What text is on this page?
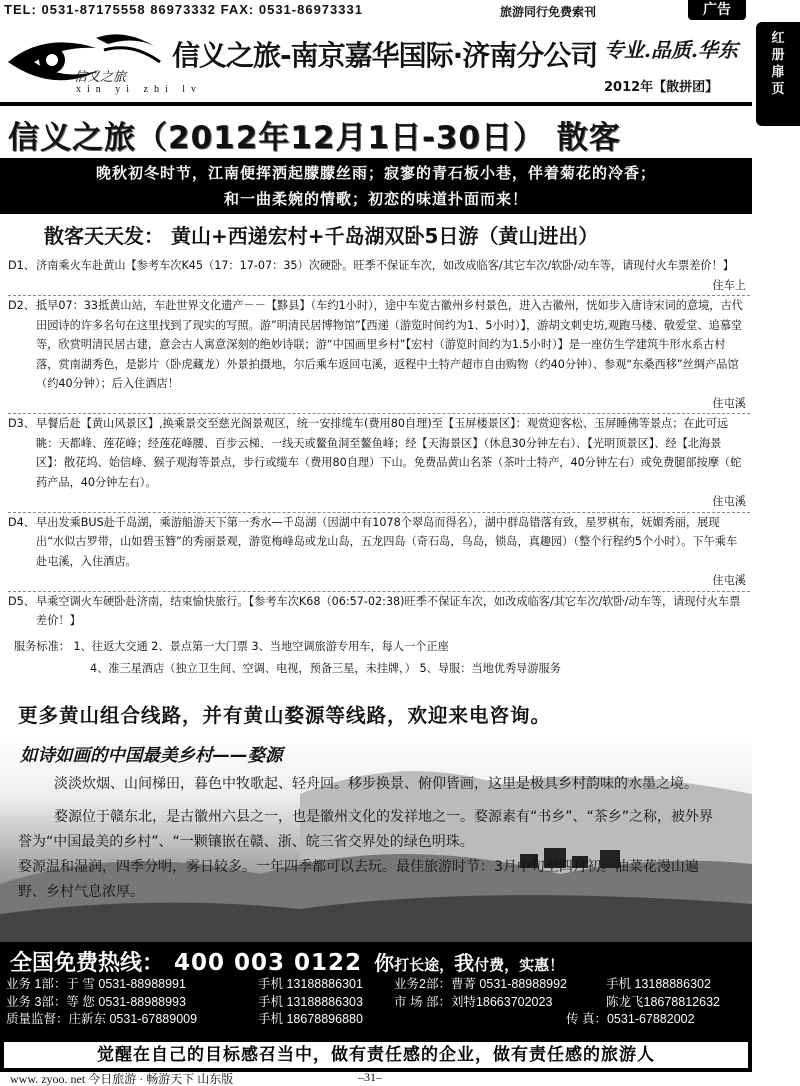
TEL: 0531-87175558 86973332 FAX: 0531-86973331	旅游同行免费索刊	广告
红
册
扉
页
信义之旅
xin yi zhi lv
信义之旅-南京嘉华国际·济南分公司 专业.品质.华东
2012年【散拼团】
信义之旅（2012年12月1日-30日） 散客
晚秋初冬时节，江南便挥洒起朦朦丝雨；寂寥的青石板小巷，伴着菊花的冷香；
和一曲柔婉的情歌；初恋的味道扑面而来！
散客天天发： 黄山+西递宏村+千岛湖双卧5日游（黄山进出）
D1、 济南乘火车赴黄山【参考车次K45（17：17-07：35）次硬卧。旺季不保证车次，如改成临客/其它车次/软卧/动车等，请现付火车票差价！】
住车上
D2、 抵早07：33抵黄山站，车赴世界文化遗产－－【黟县】（车约1小时），途中车览古徽州乡村景色，进入古徽州，恍如步入唐诗宋词的意境，古代田园诗的许多名句在这里找到了现实的写照。游”明清民居博物馆”【西递（游览时间约为1、5小时）】，游胡文刺史坊,观跑马楼、敬爱堂、追慕堂等，欣赏明清民居古建，意会古人寓意深刻的绝妙诗联；游“中国画里乡村”【宏村（游览时间约为1.5小时）】是一座仿生学建筑牛形水系古村落，赏南湖秀色，是影片（卧虎藏龙）外景拍摄地，尔后乘车返回屯溪，返程中土特产超市自由购物（约40分钟）、参观“东桑西移”丝绸产品馆（约40分钟）；后入住酒店！
住屯溪
D3、 早餐后赴【黄山风景区】,换乘景交至慈光阁景观区，统一安排缆车(费用80自理)至【玉屏楼景区】：观赏迎客松、玉屏睡佛等景点；在此可远眺：天都峰、莲花峰；经莲花峰腰、百步云梯、一线天或鳌鱼洞至鳌鱼峰；经【天海景区】（休息30分钟左右）、【光明顶景区】、经【北海景区】：散花坞、始信峰、猴子观海等景点，步行或缆车（费用80自理）下山。免费品黄山名茶（茶叶土特产，40分钟左右）或免费腿部按摩（蛇药产品，40分钟左右）。
住屯溪
D4、 早出发乘BUS赴千岛湖，乘游船游天下第一秀水—千岛湖（因湖中有1078个翠岛而得名），湖中群岛错落有致，星罗棋布，妩媚秀丽，展现出“水似古罗带，山如碧玉簪”的秀丽景观，游览梅峰岛或龙山岛，五龙四岛（奇石岛，鸟岛，锁岛，真趣园）（整个行程约5个小时）。下午乘车赴屯溪，入住酒店。
住屯溪
D5、 早乘空调火车硬卧赴济南，结束愉快旅行。【参考车次K68（06:57-02:38)旺季不保证车次，如改成临客/其它车次/软卧/动车等，请现付火车票差价！】
服务标准： 1、往返大交通 2、景点第一大门票 3、当地空调旅游专用车，每人一个正座
4、准三星酒店（独立卫生间、空调、电视，预备三星，未挂牌，） 5、导服：当地优秀导游服务
更多黄山组合线路，并有黄山婺源等线路，欢迎来电咨询。
如诗如画的中国最美乡村——婺源

淡淡炊烟、山间梯田，暮色中牧歌起、轻舟回。移步换景、俯仰皆画，这里是极具乡村韵味的水墨之境。

婺源位于赣东北，是古徽州六县之一，也是徽州文化的发祥地之一。婺源素有“书乡”、“茶乡”之称，被外界誉为“中国最美的乡村”、“一颗镶嵌在赣、浙、皖三省交界处的绿色明珠。

婺源温和湿润，四季分明，雾日较多。一年四季都可以去玩。最佳旅游时节：3月中旬至四月初。油菜花漫山遍野、乡村气息浓厚。

全国免费热线： 400 003 0122 你打长途，我付费，实惠！
业务 1部：于 雪 0531-88988991	手机 13188886301 业务2部：曹菁 0531-88988992	手机 13188886302
业务 3部：等 您 0531-88988993	手机 13188886303 市 场 部：刘特18663702023	陈龙飞18678812632
质量监督：庄新东 0531-67889009	手机 18678896880	传 真：0531-67882002
觉醒在自己的目标感召当中，做有责任感的企业，做有责任感的旅游人
www. zyoo. net 今日旅游 · 畅游天下 山东版	–31–
